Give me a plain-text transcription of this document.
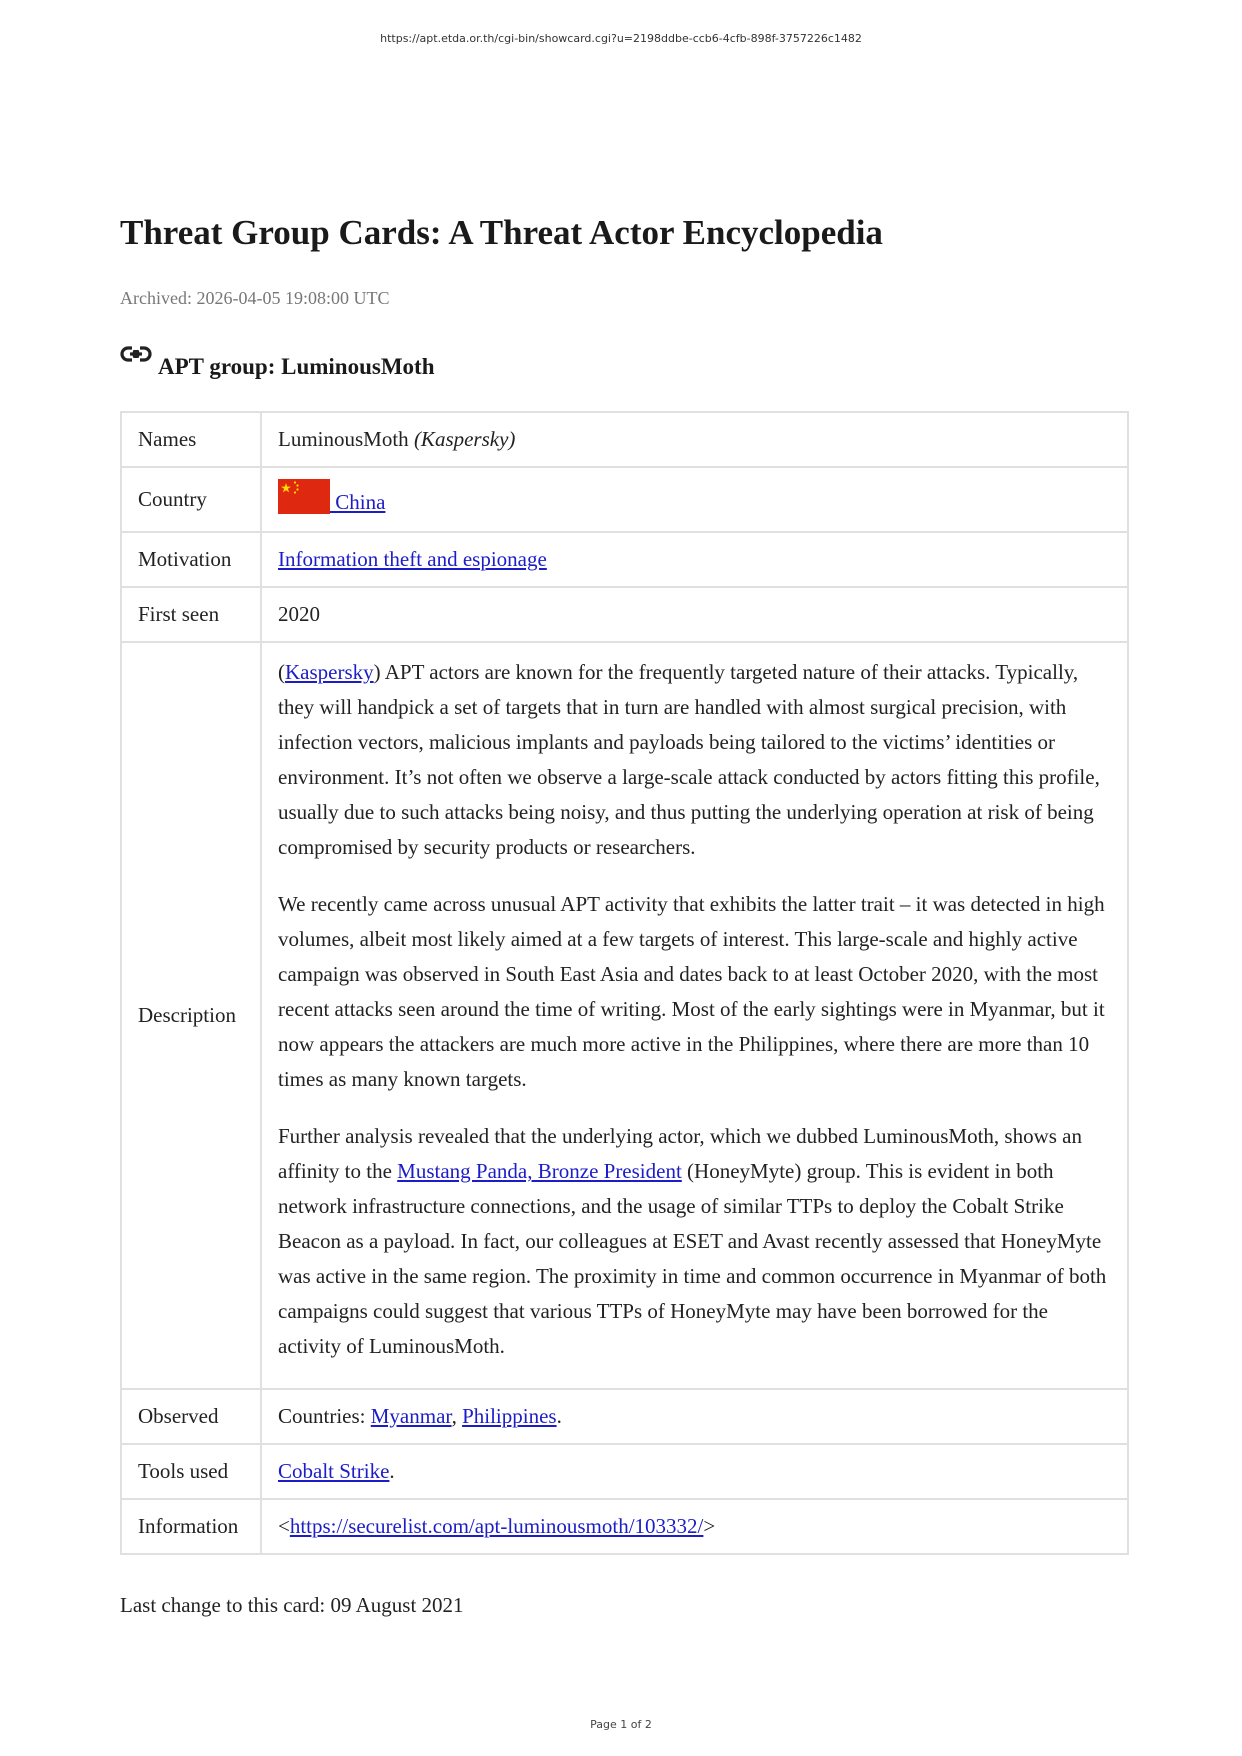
https://apt.etda.or.th/cgi-bin/showcard.cgi?u=2198ddbe-ccb6-4cfb-898f-3757226c1482
Threat Group Cards: A Threat Actor Encyclopedia
Archived: 2026-04-05 19:08:00 UTC
APT group: LuminousMoth
Names	LuminousMoth (Kaspersky)
Country	China
Motivation	Information theft and espionage
First seen	2020
Description	(Kaspersky) APT actors are known for the frequently targeted nature of their attacks. Typically, they will handpick a set of targets that in turn are handled with almost surgical precision, with infection vectors, malicious implants and payloads being tailored to the victims’ identities or environment. It’s not often we observe a large-scale attack conducted by actors fitting this profile, usually due to such attacks being noisy, and thus putting the underlying operation at risk of being compromised by security products or researchers.

We recently came across unusual APT activity that exhibits the latter trait – it was detected in high volumes, albeit most likely aimed at a few targets of interest. This large-scale and highly active campaign was observed in South East Asia and dates back to at least October 2020, with the most recent attacks seen around the time of writing. Most of the early sightings were in Myanmar, but it now appears the attackers are much more active in the Philippines, where there are more than 10 times as many known targets.

Further analysis revealed that the underlying actor, which we dubbed LuminousMoth, shows an affinity to the Mustang Panda, Bronze President (HoneyMyte) group. This is evident in both network infrastructure connections, and the usage of similar TTPs to deploy the Cobalt Strike Beacon as a payload. In fact, our colleagues at ESET and Avast recently assessed that HoneyMyte was active in the same region. The proximity in time and common occurrence in Myanmar of both campaigns could suggest that various TTPs of HoneyMyte may have been borrowed for the activity of LuminousMoth.

Observed	Countries: Myanmar, Philippines.
Tools used	Cobalt Strike.
Information	<https://securelist.com/apt-luminousmoth/103332/>
Last change to this card: 09 August 2021
Page 1 of 2
